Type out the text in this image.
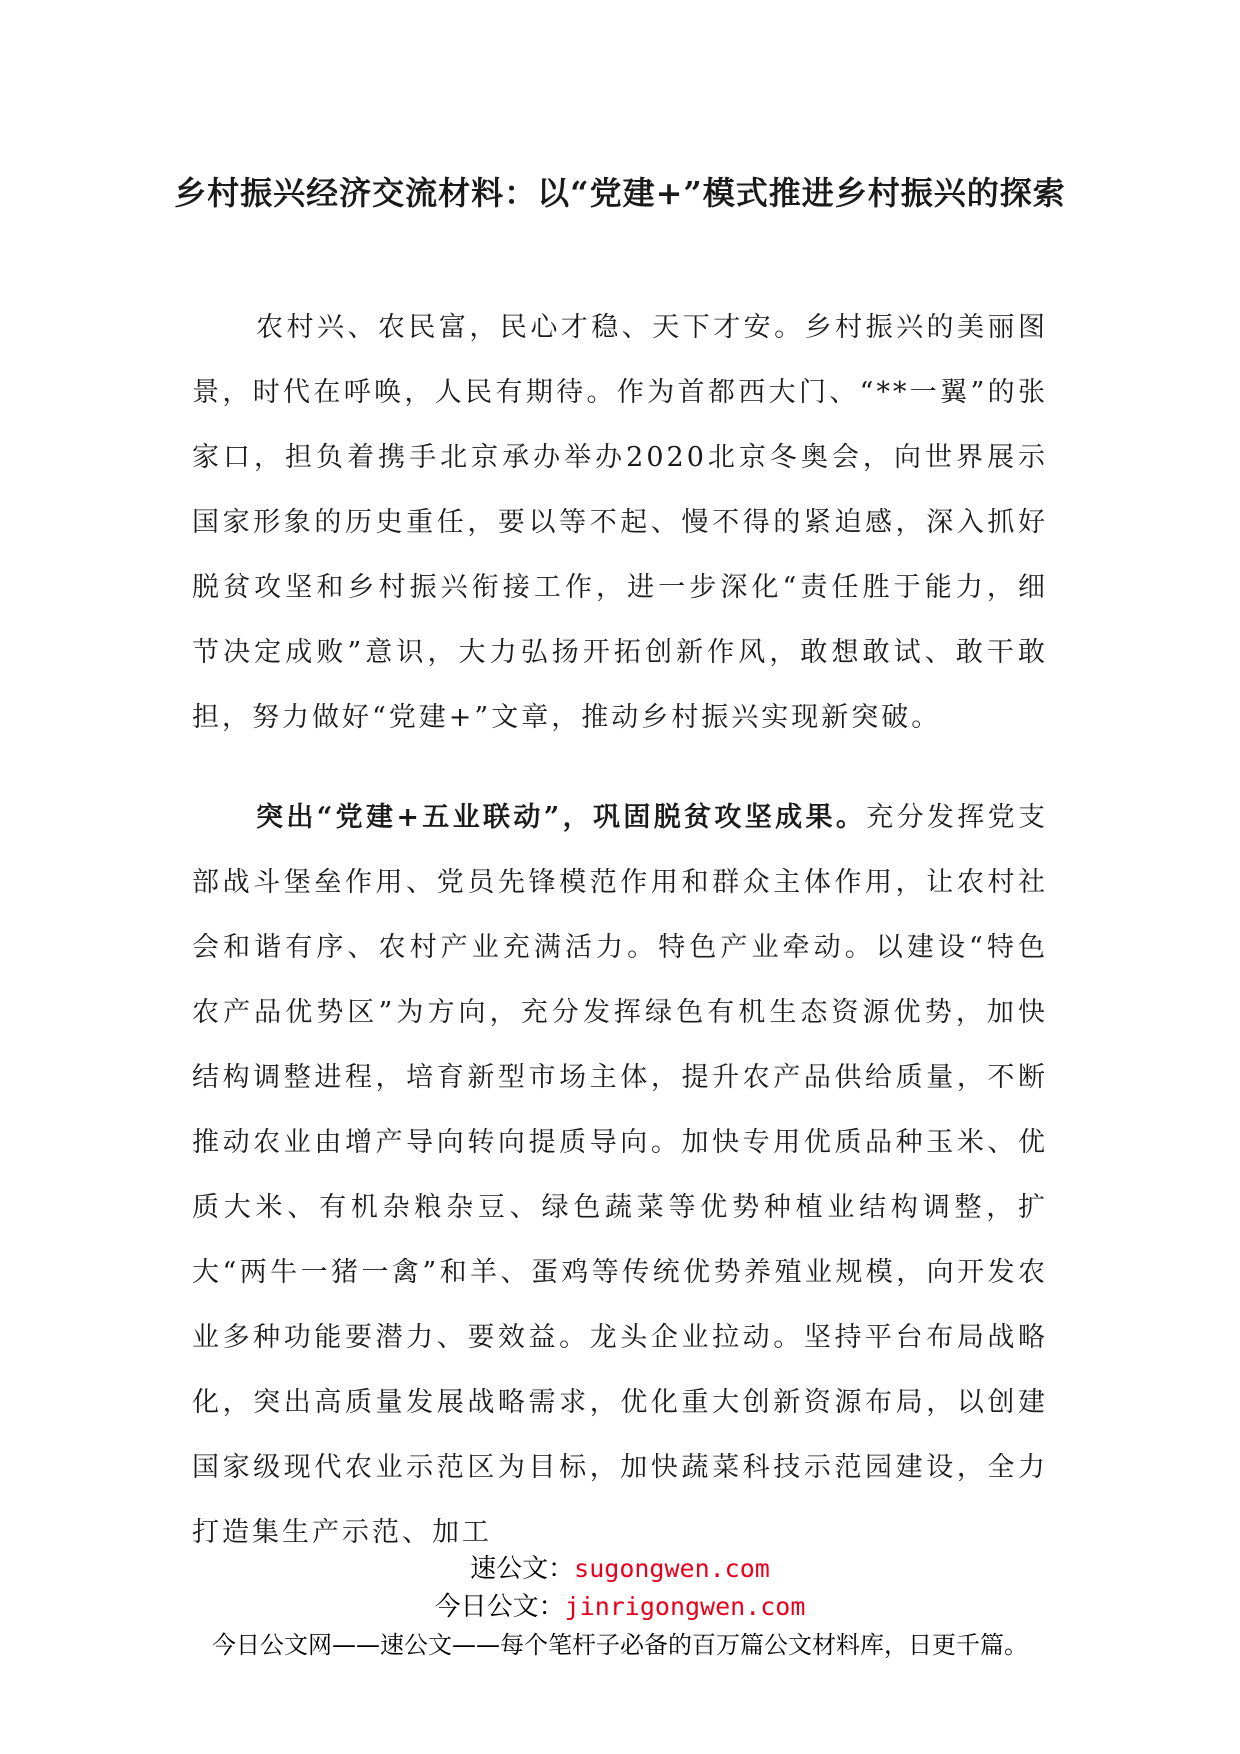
乡村振兴经济交流材料：以“党建+”模式推进乡村振兴的探索

农村兴、农民富，民心才稳、天下才安。乡村振兴的美丽图景，时代在呼唤，人民有期待。作为首都西大门、“**一翼”的张家口，担负着携手北京承办举办2020北京冬奥会，向世界展示国家形象的历史重任，要以等不起、慢不得的紧迫感，深入抓好脱贫攻坚和乡村振兴衔接工作，进一步深化“责任胜于能力，细节决定成败”意识，大力弘扬开拓创新作风，敢想敢试、敢干敢担，努力做好“党建+”文章，推动乡村振兴实现新突破。

突出“党建+五业联动”，巩固脱贫攻坚成果。充分发挥党支部战斗堡垒作用、党员先锋模范作用和群众主体作用，让农村社会和谐有序、农村产业充满活力。特色产业牵动。以建设“特色农产品优势区”为方向，充分发挥绿色有机生态资源优势，加快结构调整进程，培育新型市场主体，提升农产品供给质量，不断推动农业由增产导向转向提质导向。加快专用优质品种玉米、优质大米、有机杂粮杂豆、绿色蔬菜等优势种植业结构调整，扩大“两牛一猪一禽”和羊、蛋鸡等传统优势养殖业规模，向开发农业多种功能要潜力、要效益。龙头企业拉动。坚持平台布局战略化，突出高质量发展战略需求，优化重大创新资源布局，以创建国家级现代农业示范区为目标，加快蔬菜科技示范园建设，全力打造集生产示范、加工

速公文：sugongwen.com
今日公文：jinrigongwen.com
今日公文网——速公文——每个笔杆子必备的百万篇公文材料库，日更千篇。
